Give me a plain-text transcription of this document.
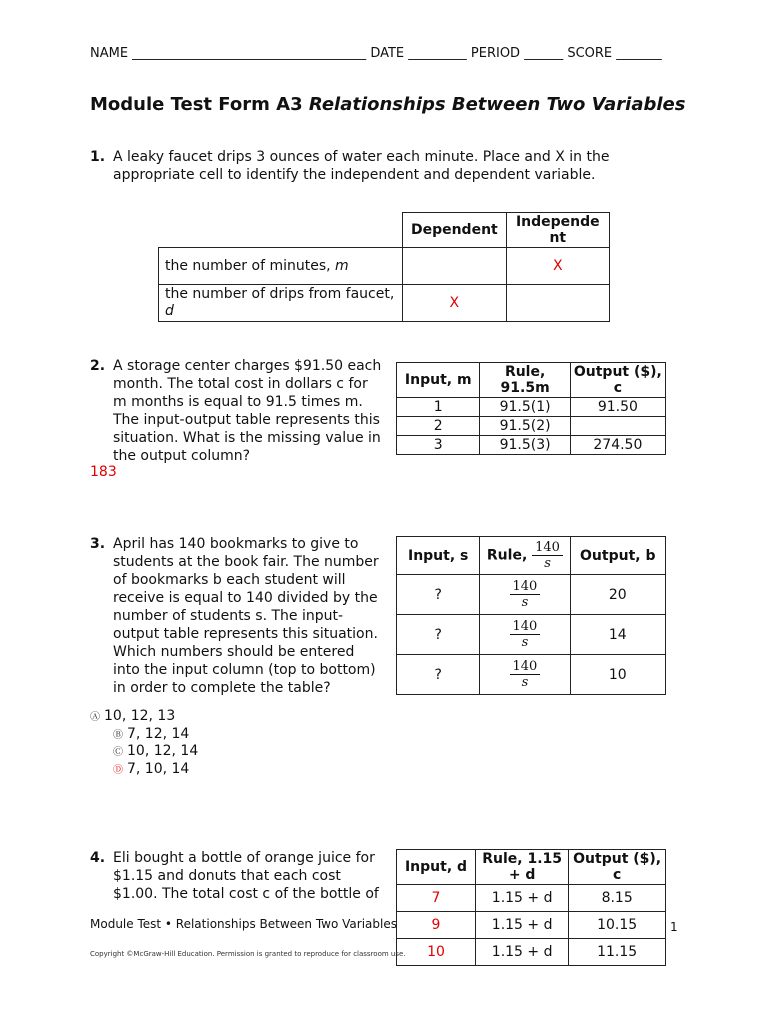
NAME ____________________________________ DATE _________ PERIOD ______ SCORE _______
Module Test Form A3 Relationships Between Two Variables
1. A leaky faucet drips 3 ounces of water each minute. Place and X in the appropriate cell to identify the independent and dependent variable.
	Dependent	Independe nt
the number of minutes, m		X
the number of drips from faucet, d	X	
2. A storage center charges $91.50 each month. The total cost in dollars c for m months is equal to 91.5 times m. The input-output table represents this situation. What is the missing value in the output column?
183
Input, m	Rule, 91.5m	Output ($), c
1	91.5(1)	91.50
2	91.5(2)	
3	91.5(3)	274.50
3. April has 140 bookmarks to give to students at the book fair. The number of bookmarks b each student will receive is equal to 140 divided by the number of students s. The input-output table represents this situation. Which numbers should be entered into the input column (top to bottom) in order to complete the table?
Input, s	Rule, $\frac{140}{s}$	Output, b
?	$\frac{140}{s}$	20
?	$\frac{140}{s}$	14
?	$\frac{140}{s}$	10
Ⓐ 10, 12, 13
Ⓑ 7, 12, 14
Ⓒ 10, 12, 14
Ⓓ 7, 10, 14
4. Eli bought a bottle of orange juice for $1.15 and donuts that each cost $1.00. The total cost c of the bottle of
Input, d	Rule, 1.15 + d	Output ($), c
7	1.15 + d	8.15
9	1.15 + d	10.15
10	1.15 + d	11.15
Module Test • Relationships Between Two Variables	1
Copyright ©McGraw-Hill Education. Permission is granted to reproduce for classroom use.
